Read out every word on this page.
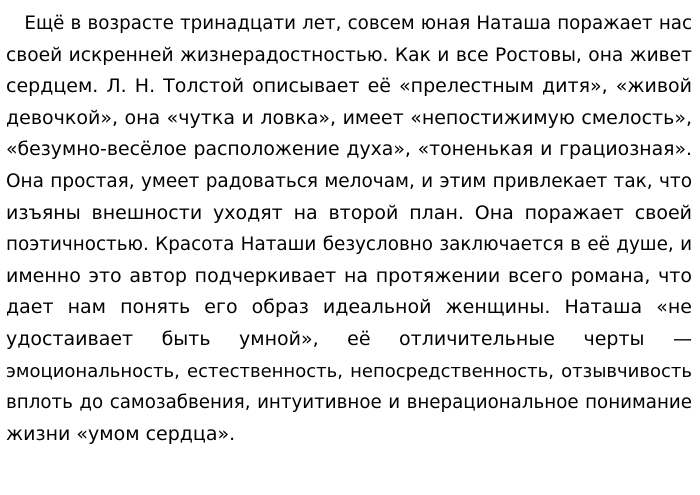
Ещё в возрасте тринадцати лет, совсем юная Наташа поражает нас
своей искренней жизнерадостностью. Как и все Ростовы, она живет
сердцем. Л. Н. Толстой описывает её «прелестным дитя», «живой
девочкой», она «чутка и ловка», имеет «непостижимую смелость»,
«безумно-весёлое расположение духа», «тоненькая и грациозная».
Она простая, умеет радоваться мелочам, и этим привлекает так, что
изъяны внешности уходят на второй план. Она поражает своей
поэтичностью. Красота Наташи безусловно заключается в её душе, и
именно это автор подчеркивает на протяжении всего романа, что
дает нам понять его образ идеальной женщины. Наташа «не
удостаивает быть умной», её отличительные черты —
эмоциональность, естественность, непосредственность, отзывчивость
вплоть до самозабвения, интуитивное и внерациональное понимание
жизни «умом сердца».
